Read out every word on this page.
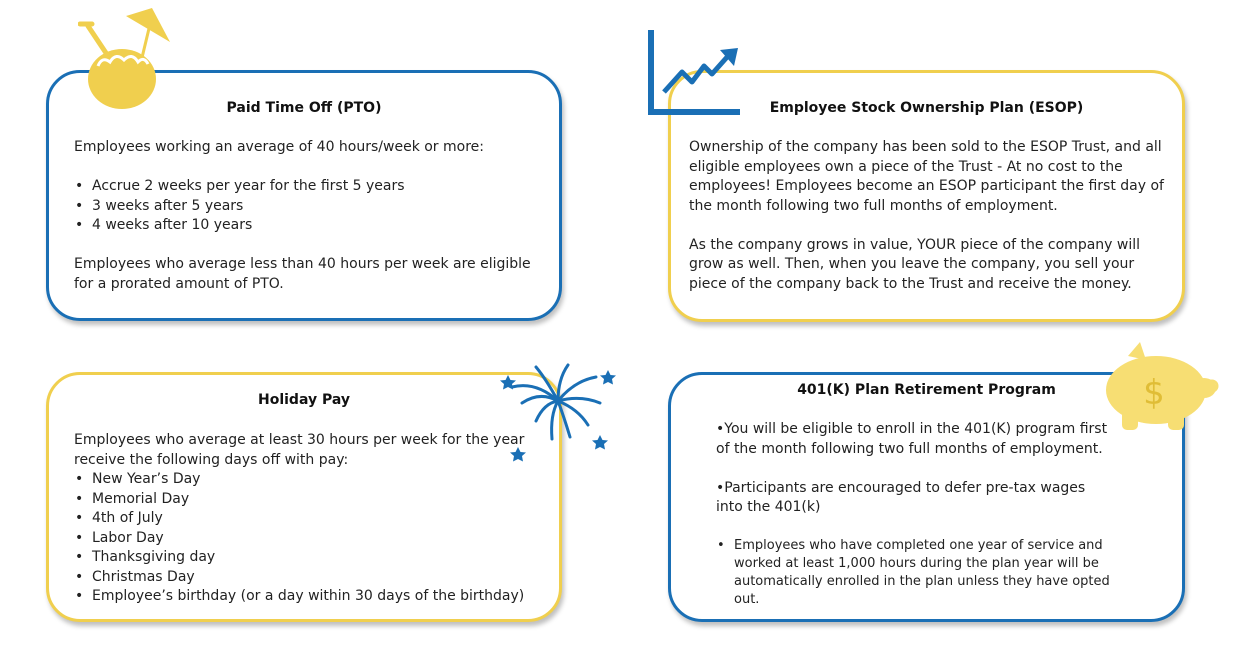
Paid Time Off (PTO)

Employees working an average of 40 hours/week or more:

• Accrue 2 weeks per year for the first 5 years
• 3 weeks after 5 years
• 4 weeks after 10 years

Employees who average less than 40 hours per week are eligible for a prorated amount of PTO.

Employee Stock Ownership Plan (ESOP)

Ownership of the company has been sold to the ESOP Trust, and all eligible employees own a piece of the Trust - At no cost to the employees! Employees become an ESOP participant the first day of the month following two full months of employment.

As the company grows in value, YOUR piece of the company will grow as well. Then, when you leave the company, you sell your piece of the company back to the Trust and receive the money.

Holiday Pay

Employees who average at least 30 hours per week for the year receive the following days off with pay:

• New Year’s Day
• Memorial Day
• 4th of July
• Labor Day
• Thanksgiving day
• Christmas Day
• Employee’s birthday (or a day within 30 days of the birthday)
401(K) Plan Retirement Program

•You will be eligible to enroll in the 401(K) program first of the month following two full months of employment.

•Participants are encouraged to defer pre-tax wages into the 401(k)

• Employees who have completed one year of service and worked at least 1,000 hours during the plan year will be automatically enrolled in the plan unless they have opted out.
$
